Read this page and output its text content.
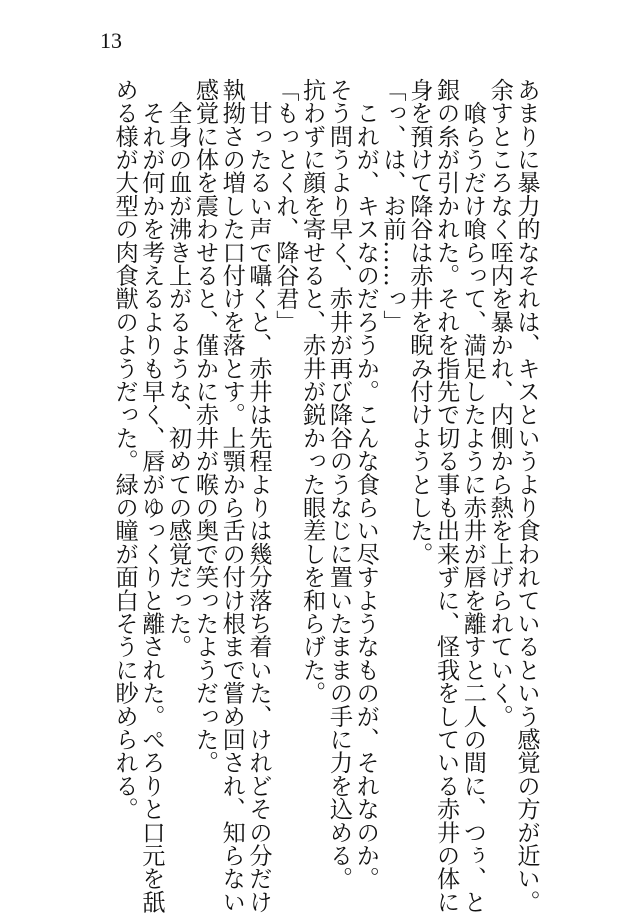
13

あまりに暴力的なそれは、キスというより食われているという感覚の方が近い。

余すところなく咥内を暴かれ、内側から熱を上げられていく。

　喰らうだけ喰らって、満足したように赤井が唇を離すと二人の間に、つぅ、と

銀の糸が引かれた。それを指先で切る事も出来ずに、怪我をしている赤井の体に

身を預けて降谷は赤井を睨み付けようとした。

「っ、は、お前……っ」

　これが、キスなのだろうか。こんな食らい尽すようなものが、それなのか。

そう問うより早く、赤井が再び降谷のうなじに置いたままの手に力を込める。

抗わずに顔を寄せると、赤井が鋭かった眼差しを和らげた。

「もっとくれ、降谷君」

　甘ったるい声で囁くと、赤井は先程よりは幾分落ち着いた、けれどその分だけ

執拗さの増した口付けを落とす。上顎から舌の付け根まで嘗め回され、知らない

感覚に体を震わせると、僅かに赤井が喉の奥で笑ったようだった。

　全身の血が沸き上がるような、初めての感覚だった。

　それが何かを考えるよりも早く、唇がゆっくりと離された。ぺろりと口元を舐

める様が大型の肉食獣のようだった。緑の瞳が面白そうに眇められる。
